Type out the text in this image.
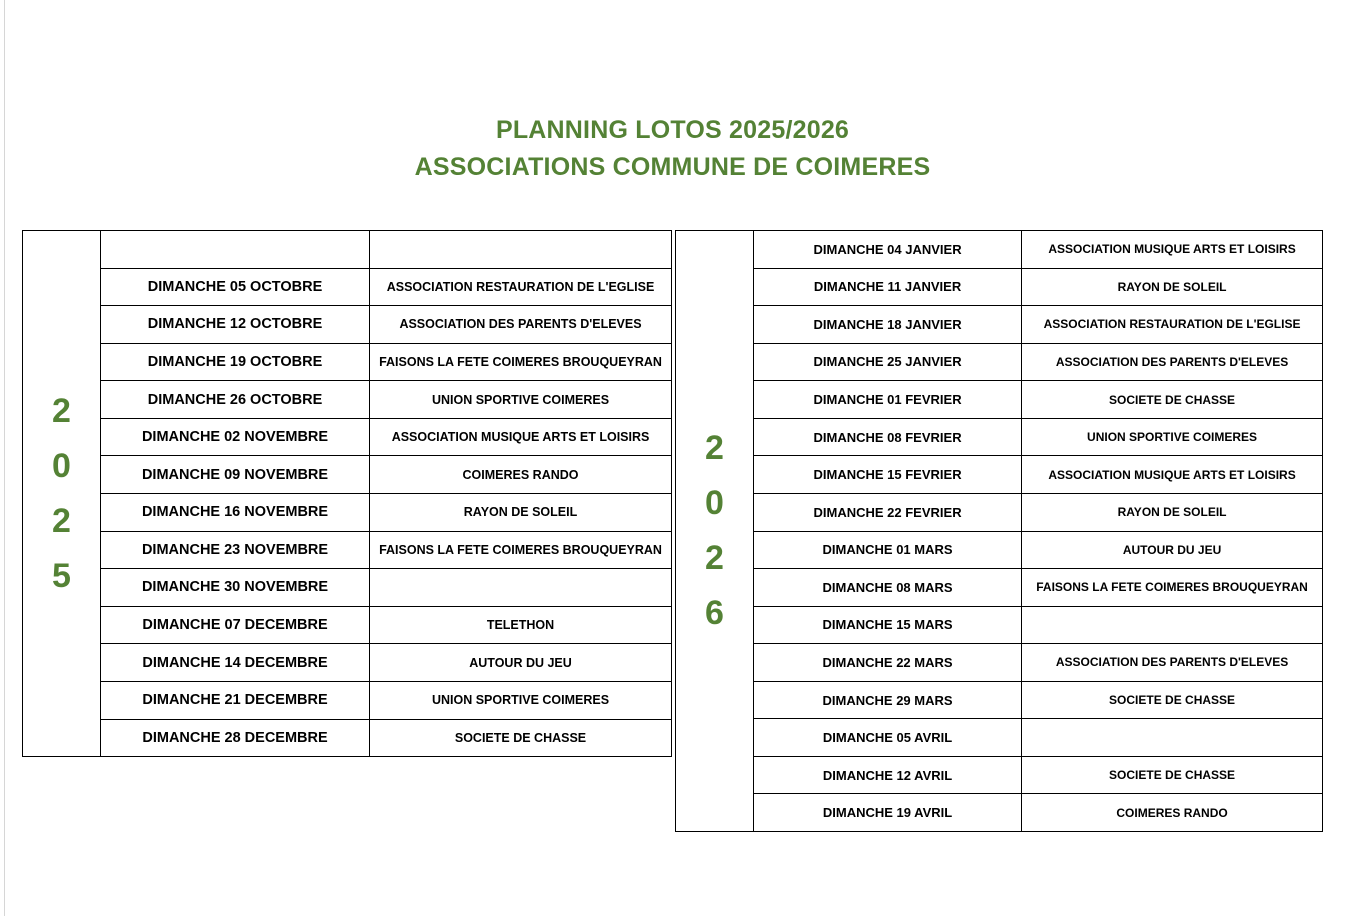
PLANNING LOTOS 2025/2026
ASSOCIATIONS COMMUNE DE COIMERES
2
0
2
5
DIMANCHE 05 OCTOBRE	ASSOCIATION RESTAURATION DE L'EGLISE
DIMANCHE 12 OCTOBRE	ASSOCIATION DES PARENTS D'ELEVES
DIMANCHE 19 OCTOBRE	FAISONS LA FETE COIMERES BROUQUEYRAN
DIMANCHE 26 OCTOBRE	UNION SPORTIVE COIMERES
DIMANCHE 02 NOVEMBRE	ASSOCIATION MUSIQUE ARTS ET LOISIRS
DIMANCHE 09 NOVEMBRE	COIMERES RANDO
DIMANCHE 16 NOVEMBRE	RAYON DE SOLEIL
DIMANCHE 23 NOVEMBRE	FAISONS LA FETE COIMERES BROUQUEYRAN
DIMANCHE 30 NOVEMBRE
DIMANCHE 07 DECEMBRE	TELETHON
DIMANCHE 14 DECEMBRE	AUTOUR DU JEU
DIMANCHE 21 DECEMBRE	UNION SPORTIVE COIMERES
DIMANCHE 28 DECEMBRE	SOCIETE DE CHASSE
2
0
2
6
DIMANCHE 04 JANVIER	ASSOCIATION MUSIQUE ARTS ET LOISIRS
DIMANCHE 11 JANVIER	RAYON DE SOLEIL
DIMANCHE 18 JANVIER	ASSOCIATION RESTAURATION DE L'EGLISE
DIMANCHE 25 JANVIER	ASSOCIATION DES PARENTS D'ELEVES
DIMANCHE 01 FEVRIER	SOCIETE DE CHASSE
DIMANCHE 08 FEVRIER	UNION SPORTIVE COIMERES
DIMANCHE 15 FEVRIER	ASSOCIATION MUSIQUE ARTS ET LOISIRS
DIMANCHE 22 FEVRIER	RAYON DE SOLEIL
DIMANCHE 01 MARS	AUTOUR DU JEU
DIMANCHE 08 MARS	FAISONS LA FETE COIMERES BROUQUEYRAN
DIMANCHE 15 MARS
DIMANCHE 22 MARS	ASSOCIATION DES PARENTS D'ELEVES
DIMANCHE 29 MARS	SOCIETE DE CHASSE
DIMANCHE 05 AVRIL
DIMANCHE 12 AVRIL	SOCIETE DE CHASSE
DIMANCHE 19 AVRIL	COIMERES RANDO
